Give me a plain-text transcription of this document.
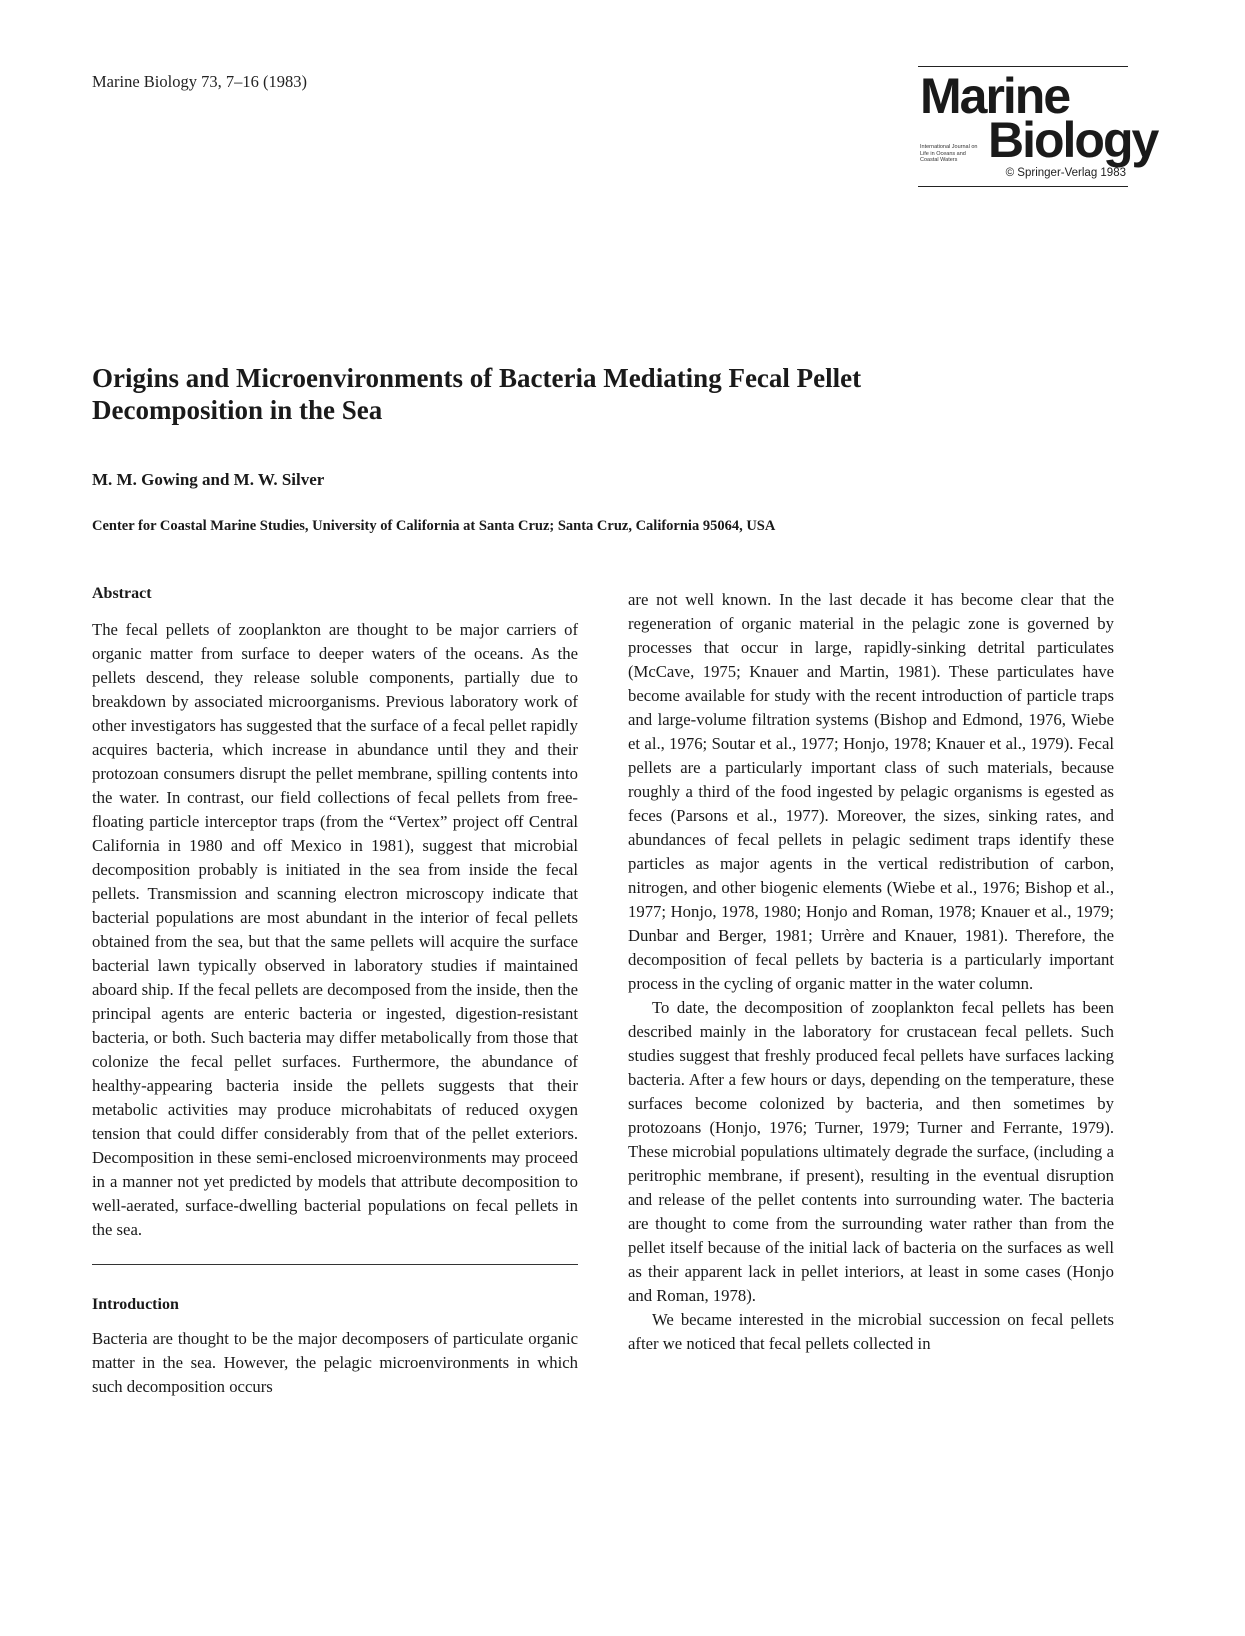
Marine Biology 73, 7–16 (1983)	Marine
International Journal on Life in Oceans and Coastal Waters Biology
© Springer-Verlag 1983
Origins and Microenvironments of Bacteria Mediating Fecal Pellet Decomposition in the Sea
M. M. Gowing and M. W. Silver
Center for Coastal Marine Studies, University of California at Santa Cruz; Santa Cruz, California 95064, USA
Abstract

The fecal pellets of zooplankton are thought to be major carriers of organic matter from surface to deeper waters of the oceans. As the pellets descend, they release soluble components, partially due to breakdown by associated microorganisms. Previous laboratory work of other investigators has suggested that the surface of a fecal pellet rapidly acquires bacteria, which increase in abundance until they and their protozoan consumers disrupt the pellet membrane, spilling contents into the water. In contrast, our field collections of fecal pellets from free-floating particle interceptor traps (from the “Vertex” project off Central California in 1980 and off Mexico in 1981), suggest that microbial decomposition probably is initiated in the sea from inside the fecal pellets. Transmission and scanning electron microscopy indicate that bacterial populations are most abundant in the interior of fecal pellets obtained from the sea, but that the same pellets will acquire the surface bacterial lawn typically observed in laboratory studies if maintained aboard ship. If the fecal pellets are decomposed from the inside, then the principal agents are enteric bacteria or ingested, digestion-resistant bacteria, or both. Such bacteria may differ metabolically from those that colonize the fecal pellet surfaces. Furthermore, the abundance of healthy-appearing bacteria inside the pellets suggests that their metabolic activities may produce microhabitats of reduced oxygen tension that could differ considerably from that of the pellet exteriors. Decomposition in these semi-enclosed microenvironments may proceed in a manner not yet predicted by models that attribute decomposition to well-aerated, surface-dwelling bacterial populations on fecal pellets in the sea.

Introduction

Bacteria are thought to be the major decomposers of particulate organic matter in the sea. However, the pelagic microenvironments in which such decomposition occurs

are not well known. In the last decade it has become clear that the regeneration of organic material in the pelagic zone is governed by processes that occur in large, rapidly-sinking detrital particulates (McCave, 1975; Knauer and Martin, 1981). These particulates have become available for study with the recent introduction of particle traps and large-volume filtration systems (Bishop and Edmond, 1976, Wiebe et al., 1976; Soutar et al., 1977; Honjo, 1978; Knauer et al., 1979). Fecal pellets are a particularly important class of such materials, because roughly a third of the food ingested by pelagic organisms is egested as feces (Parsons et al., 1977). Moreover, the sizes, sinking rates, and abundances of fecal pellets in pelagic sediment traps identify these particles as major agents in the vertical redistribution of carbon, nitrogen, and other biogenic elements (Wiebe et al., 1976; Bishop et al., 1977; Honjo, 1978, 1980; Honjo and Roman, 1978; Knauer et al., 1979; Dunbar and Berger, 1981; Urrère and Knauer, 1981). Therefore, the decomposition of fecal pellets by bacteria is a particularly important process in the cycling of organic matter in the water column.

To date, the decomposition of zooplankton fecal pellets has been described mainly in the laboratory for crustacean fecal pellets. Such studies suggest that freshly produced fecal pellets have surfaces lacking bacteria. After a few hours or days, depending on the temperature, these surfaces become colonized by bacteria, and then sometimes by protozoans (Honjo, 1976; Turner, 1979; Turner and Ferrante, 1979). These microbial populations ultimately degrade the surface, (including a peritrophic membrane, if present), resulting in the eventual disruption and release of the pellet contents into surrounding water. The bacteria are thought to come from the surrounding water rather than from the pellet itself because of the initial lack of bacteria on the surfaces as well as their apparent lack in pellet interiors, at least in some cases (Honjo and Roman, 1978).

We became interested in the microbial succession on fecal pellets after we noticed that fecal pellets collected in
